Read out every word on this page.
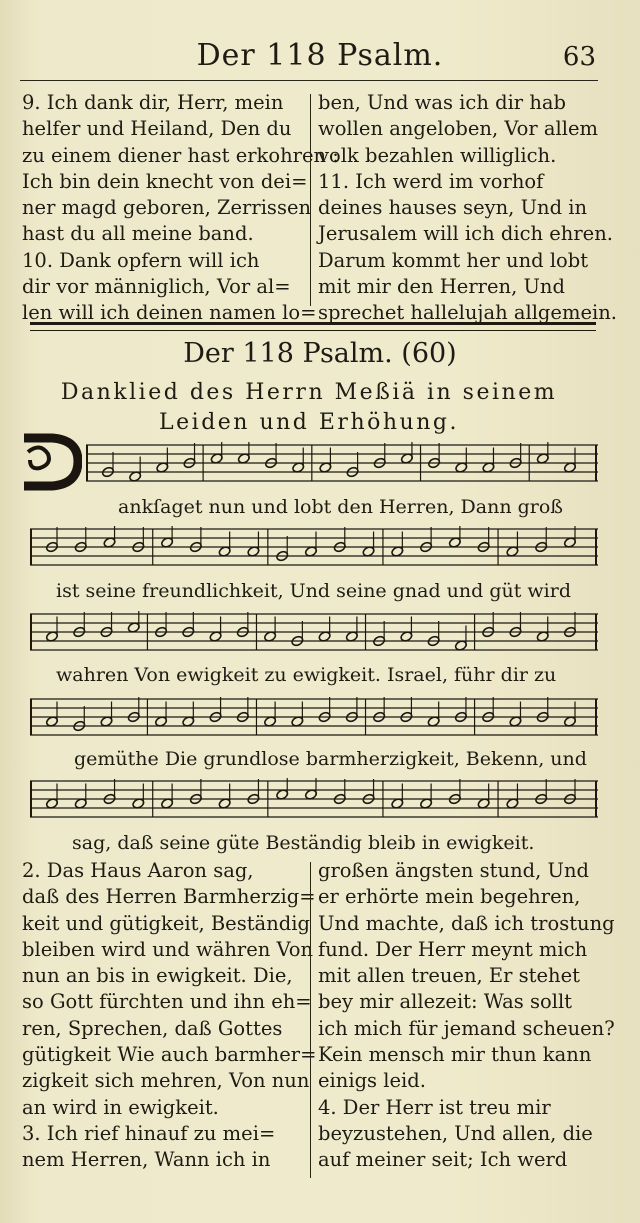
Der 118 Psalm.	63

9. Ich dank dir, Herr, mein

helfer und Heiland, Den du

zu einem diener hast erkohren :

Ich bin dein knecht von dei=

ner magd geboren, Zerrissen

hast du all meine band.

10. Dank opfern will ich

dir vor männiglich, Vor al=

len will ich deinen namen lo=

ben, Und was ich dir hab

wollen angeloben, Vor allem

volk bezahlen williglich.

11. Ich werd im vorhof

deines hauses seyn, Und in

Jerusalem will ich dich ehren.

Darum kommt her und lobt

mit mir den Herren, Und

sprechet hallelujah allgemein.

Der 118 Psalm. (60)
Danklied des Herrn Meßiä in seinem Leiden und Erhöhung.
ankſaget nun und lobt den Herren, Dann groß
ist seine freundlichkeit, Und seine gnad und güt wird
wahren Von ewigkeit zu ewigkeit. Israel, führ dir zu
gemüthe Die grundlose barmherzigkeit, Bekenn, und
sag, daß seine güte Beständig bleib in ewigkeit.

2. Das Haus Aaron sag,

daß des Herren Barmherzig=

keit und gütigkeit, Beständig

bleiben wird und währen Von

nun an bis in ewigkeit. Die,

so Gott fürchten und ihn eh=

ren, Sprechen, daß Gottes

gütigkeit Wie auch barmher=

zigkeit sich mehren, Von nun

an wird in ewigkeit.

3. Ich rief hinauf zu mei=

nem Herren, Wann ich in

großen ängsten stund, Und

er erhörte mein begehren,

Und machte, daß ich trostung

fund. Der Herr meynt mich

mit allen treuen, Er stehet

bey mir allezeit: Was sollt

ich mich für jemand scheuen?

Kein mensch mir thun kann

einigs leid.

4. Der Herr ist treu mir

beyzustehen, Und allen, die

auf meiner seit; Ich werd
